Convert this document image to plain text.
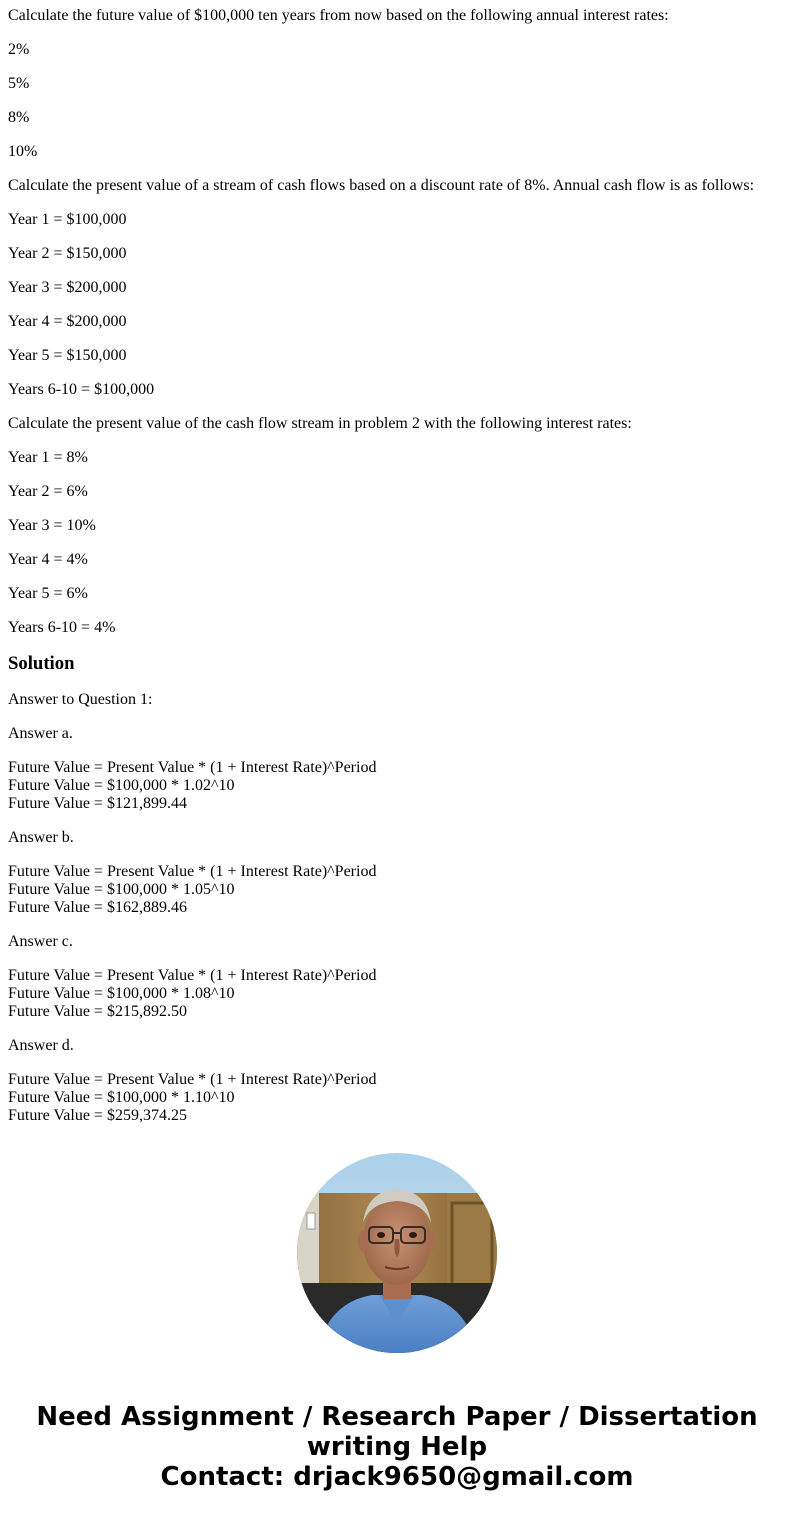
Calculate the future value of $100,000 ten years from now based on the following annual interest rates:

2%

5%

8%

10%

Calculate the present value of a stream of cash flows based on a discount rate of 8%. Annual cash flow is as follows:

Year 1 = $100,000

Year 2 = $150,000

Year 3 = $200,000

Year 4 = $200,000

Year 5 = $150,000

Years 6-10 = $100,000

Calculate the present value of the cash flow stream in problem 2 with the following interest rates:

Year 1 = 8%

Year 2 = 6%

Year 3 = 10%

Year 4 = 4%

Year 5 = 6%

Years 6-10 = 4%

Solution

Answer to Question 1:

Answer a.

Future Value = Present Value * (1 + Interest Rate)^Period
Future Value = $100,000 * 1.02^10
Future Value = $121,899.44

Answer b.

Future Value = Present Value * (1 + Interest Rate)^Period
Future Value = $100,000 * 1.05^10
Future Value = $162,889.46

Answer c.

Future Value = Present Value * (1 + Interest Rate)^Period
Future Value = $100,000 * 1.08^10
Future Value = $215,892.50

Answer d.

Future Value = Present Value * (1 + Interest Rate)^Period
Future Value = $100,000 * 1.10^10
Future Value = $259,374.25
Need Assignment / Research Paper / Dissertation
writing Help
Contact: drjack9650@gmail.com
